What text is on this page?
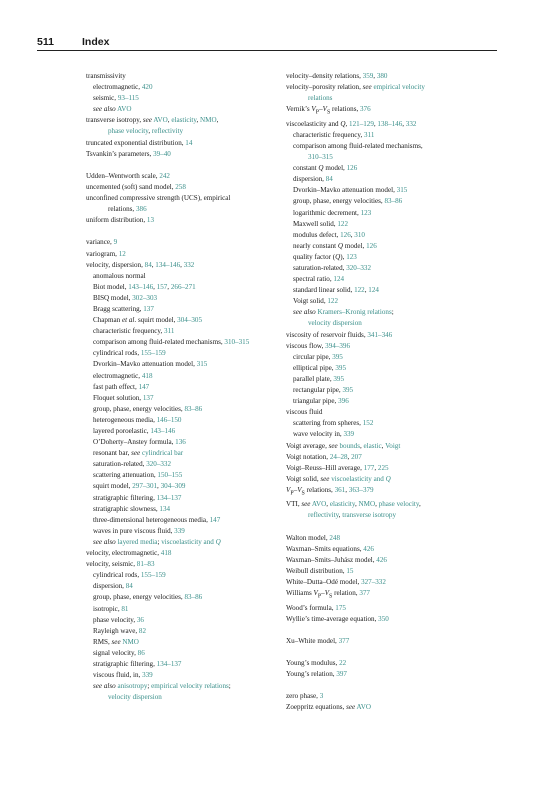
511	Index
transmissivity
electromagnetic, 420
seismic, 93–115
see also AVO
transverse isotropy, see AVO, elasticity, NMO,
phase velocity, reflectivity
truncated exponential distribution, 14
Tsvankin’s parameters, 39–40
Udden–Wentworth scale, 242
uncemented (soft) sand model, 258
unconfined compressive strength (UCS), empirical
relations, 386
uniform distribution, 13
variance, 9
variogram, 12
velocity, dispersion, 84, 134–146, 332
anomalous normal
Biot model, 143–146, 157, 266–271
BISQ model, 302–303
Bragg scattering, 137
Chapman et al. squirt model, 304–305
characteristic frequency, 311
comparison among fluid-related mechanisms, 310–315
cylindrical rods, 155–159
Dvorkin–Mavko attenuation model, 315
electromagnetic, 418
fast path effect, 147
Floquet solution, 137
group, phase, energy velocities, 83–86
heterogeneous media, 146–150
layered poroelastic, 143–146
O’Doherty–Anstey formula, 136
resonant bar, see cylindrical bar
saturation-related, 320–332
scattering attenuation, 150–155
squirt model, 297–301, 304–309
stratigraphic filtering, 134–137
stratigraphic slowness, 134
three-dimensional heterogeneous media, 147
waves in pure viscous fluid, 339
see also layered media; viscoelasticity and Q
velocity, electromagnetic, 418
velocity, seismic, 81–83
cylindrical rods, 155–159
dispersion, 84
group, phase, energy velocities, 83–86
isotropic, 81
phase velocity, 36
Rayleigh wave, 82
RMS, see NMO
signal velocity, 86
stratigraphic filtering, 134–137
viscous fluid, in, 339
see also anisotropy; empirical velocity relations;
velocity dispersion
velocity–density relations, 359, 380
velocity–porosity relation, see empirical velocity
relations
Vernik’s $V_P-V_S$ relations, 376
viscoelasticity and Q, 121–129, 138–146, 332
characteristic frequency, 311
comparison among fluid-related mechanisms,
310–315
constant Q model, 126
dispersion, 84
Dvorkin–Mavko attenuation model, 315
group, phase, energy velocities, 83–86
logarithmic decrement, 123
Maxwell solid, 122
modulus defect, 126, 310
nearly constant Q model, 126
quality factor (Q), 123
saturation-related, 320–332
spectral ratio, 124
standard linear solid, 122, 124
Voigt solid, 122
see also Kramers–Kronig relations;
velocity dispersion
viscosity of reservoir fluids, 341–346
viscous flow, 394–396
circular pipe, 395
elliptical pipe, 395
parallel plate, 395
rectangular pipe, 395
triangular pipe, 396
viscous fluid
scattering from spheres, 152
wave velocity in, 339
Voigt average, see bounds, elastic, Voigt
Voigt notation, 24–28, 207
Voigt–Reuss–Hill average, 177, 225
Voigt solid, see viscoelasticity and Q
$V_P-V_S$ relations, 361, 363–379
VTI, see AVO, elasticity, NMO, phase velocity,
reflectivity, transverse isotropy
Walton model, 248
Waxman–Smits equations, 426
Waxman–Smits–Juhász model, 426
Weibull distribution, 15
White–Dutta–Odé model, 327–332
Williams $V_P-V_S$ relation, 377
Wood’s formula, 175
Wyllie’s time-average equation, 350
Xu–White model, 377
Young’s modulus, 22
Young’s relation, 397
zero phase, 3
Zoeppritz equations, see AVO
